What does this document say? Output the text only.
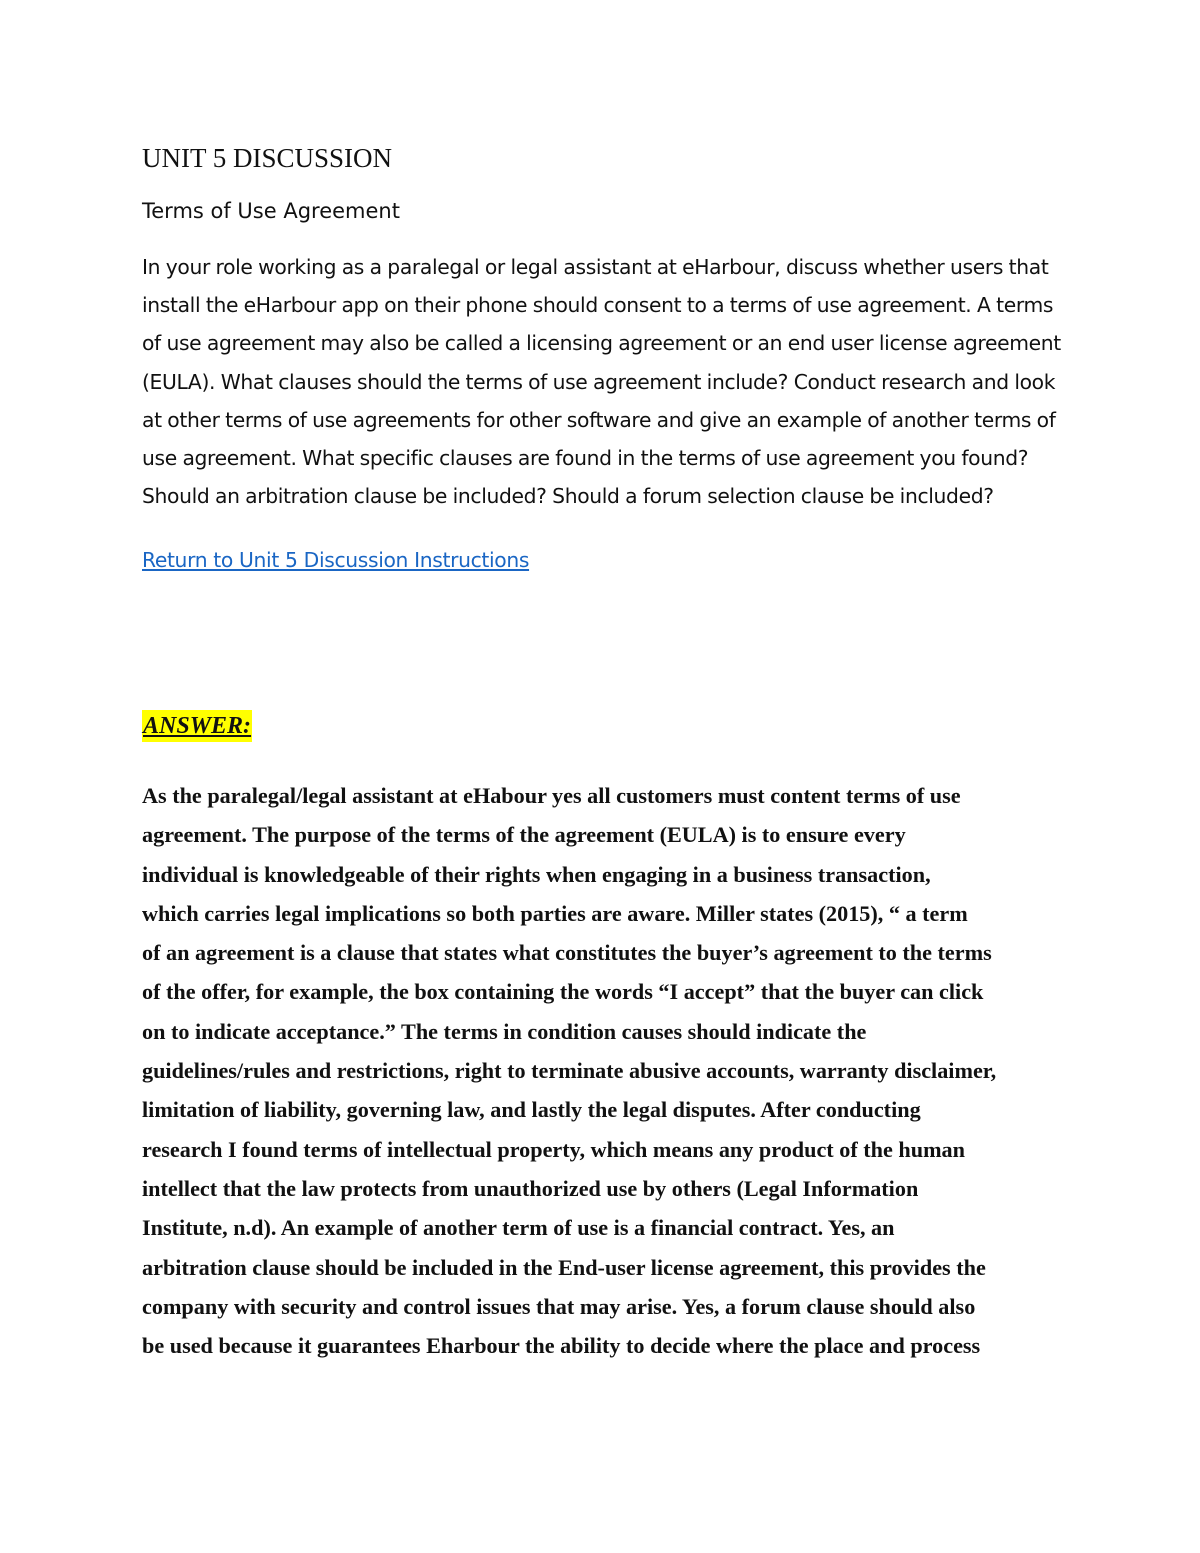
UNIT 5 DISCUSSION
Terms of Use Agreement

In your role working as a paralegal or legal assistant at eHarbour, discuss whether users that install the eHarbour app on their phone should consent to a terms of use agreement. A terms of use agreement may also be called a licensing agreement or an end user license agreement (EULA). What clauses should the terms of use agreement include? Conduct research and look at other terms of use agreements for other software and give an example of another terms of use agreement. What specific clauses are found in the terms of use agreement you found? Should an arbitration clause be included? Should a forum selection clause be included?

Return to Unit 5 Discussion Instructions
ANSWER:
As the paralegal/legal assistant at eHabour yes all customers must content terms of use
agreement. The purpose of the terms of the agreement (EULA) is to ensure every
individual is knowledgeable of their rights when engaging in a business transaction,
which carries legal implications so both parties are aware. Miller states (2015), “ a term
of an agreement is a clause that states what constitutes the buyer’s agreement to the terms
of the offer, for example, the box containing the words “I accept” that the buyer can click
on to indicate acceptance.” The terms in condition causes should indicate the
guidelines/rules and restrictions, right to terminate abusive accounts, warranty disclaimer,
limitation of liability, governing law, and lastly the legal disputes. After conducting
research I found terms of intellectual property, which means any product of the human
intellect that the law protects from unauthorized use by others (Legal Information
Institute, n.d). An example of another term of use is a financial contract. Yes, an
arbitration clause should be included in the End-user license agreement, this provides the
company with security and control issues that may arise. Yes, a forum clause should also
be used because it guarantees Eharbour the ability to decide where the place and process
